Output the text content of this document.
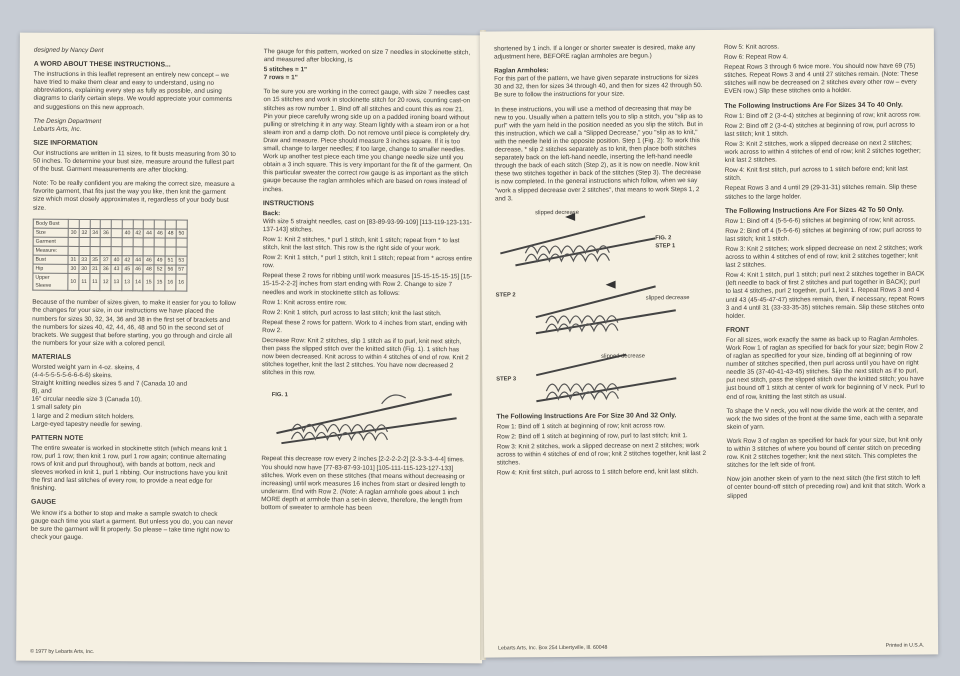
designed by Nancy Dent

A WORD ABOUT THESE INSTRUCTIONS...

The instructions in this leaflet represent an entirely new concept – we have tried to make them clear and easy to understand, using no abbreviations, explaining every step as fully as possible, and using diagrams to clarify certain steps. We would appreciate your comments and suggestions on this new approach.

The Design Department

Lebarts Arts, Inc.

SIZE INFORMATION

Our instructions are written in 11 sizes, to fit busts measuring from 30 to 50 inches. To determine your bust size, measure around the fullest part of the bust. Garment measurements are after blocking.

Note: To be really confident you are making the correct size, measure a favorite garment, that fits just the way you like, then knit the garment size which most closely approximates it, regardless of your body bust size.

Body Bust											
Size	30	32	34	36		40	42	44	46	48	50
Garment											
Measure:											
Bust	31	33	35	37	40	42	44	46	49	51	53
Hip	30	30	31	36	43	45	46	48	52	56	57
Upper Sleeve	10	11	11	12	13	13	14	15	15	16	16

Because of the number of sizes given, to make it easier for you to follow the changes for your size, in our instructions we have placed the numbers for sizes 30, 32, 34, 36 and 38 in the first set of brackets and the numbers for sizes 40, 42, 44, 46, 48 and 50 in the second set of brackets. We suggest that before starting, you go through and circle all the numbers for your size with a colored pencil.

MATERIALS
Worsted weight yarn in 4-oz. skeins, 4
(4-4-5-5-5-5-6-6-6-6) skeins.
Straight knitting needles sizes 5 and 7 (Canada 10 and
8), and
16" circular needle size 3 (Canada 10).
1 small safety pin
1 large and 2 medium stitch holders.
Large-eyed tapestry needle for sewing.
PATTERN NOTE

The entire sweater is worked in stockinette stitch (which means knit 1 row, purl 1 row; then knit 1 row, purl 1 row again; continue alternating rows of knit and purl throughout), with bands at bottom, neck and sleeves worked in knit 1, purl 1 ribbing. Our instructions have you knit the first and last stitches of every row, to provide a neat edge for finishing.

GAUGE

We know it's a bother to stop and make a sample swatch to check gauge each time you start a garment. But unless you do, you can never be sure the garment will fit properly. So please – take time right now to check your gauge.

© 1977 by Lebarts Arts, Inc.

The gauge for this pattern, worked on size 7 needles in stockinette stitch, and measured after blocking, is

5 stitches = 1"

7 rows = 1"

To be sure you are working in the correct gauge, with size 7 needles cast on 15 stitches and work in stockinette stitch for 20 rows, counting cast-on stitches as row number 1. Bind off all stitches and count this as row 21. Pin your piece carefully wrong side up on a padded ironing board without pulling or stretching it in any way. Steam lightly with a steam iron or a hot steam iron and a damp cloth. Do not remove until piece is completely dry. Draw and measure. Piece should measure 3 inches square. If it is too small, change to larger needles; if too large, change to smaller needles. Work up another test piece each time you change needle size until you obtain a 3 inch square. This is very important for the fit of the garment. On this particular sweater the correct row gauge is as important as the stitch gauge because the raglan armholes which are based on rows instead of inches.

INSTRUCTIONS
Back:

With size 5 straight needles, cast on [83-89-93-99-109] [113-119-123-131-137-143] stitches.

Row 1: Knit 2 stitches, * purl 1 stitch, knit 1 stitch; repeat from * to last stitch, knit the last stitch. This row is the right side of your work.

Row 2: Knit 1 stitch, * purl 1 stitch, knit 1 stitch; repeat from * across entire row.

Repeat these 2 rows for ribbing until work measures [15-15-15-15-15] [15-15-15-2-2-2] inches from start ending with Row 2. Change to size 7 needles and work in stockinette stitch as follows:

Row 1: Knit across entire row.

Row 2: Knit 1 stitch, purl across to last stitch; knit the last stitch.

Repeat these 2 rows for pattern. Work to 4 inches from start, ending with Row 2.

Decrease Row: Knit 2 stitches, slip 1 stitch as if to purl, knit next stitch, then pass the slipped stitch over the knitted stitch (Fig. 1). 1 stitch has now been decreased. Knit across to within 4 stitches of end of row. Knit 2 stitches together, knit the last 2 stitches. You have now decreased 2 stitches in this row.

FIG. 1

Repeat this decrease row every 2 inches [2-2-2-2-2] [2-3-3-3-4-4] times. You should now have [77-83-87-93-101] [105-111-115-123-127-133] stitches. Work even on these stitches (that means without decreasing or increasing) until work measures 16 inches from start or desired length to underarm. End with Row 2. (Note: A raglan armhole goes about 1 inch MORE depth at armhole than a set-in sleeve, therefore, the length from bottom of sweater to armhole has been

shortened by 1 inch. If a longer or shorter sweater is desired, make any adjustment here, BEFORE raglan armholes are begun.)

Raglan Armholes:

For this part of the pattern, we have given separate instructions for sizes 30 and 32, then for sizes 34 through 40, and then for sizes 42 through 50. Be sure to follow the instructions for your size.

In these instructions, you will use a method of decreasing that may be new to you. Usually when a pattern tells you to slip a stitch, you "slip as to purl" with the yarn held in the position needed as you slip the stitch. But in this instruction, which we call a "Slipped Decrease," you "slip as to knit," with the needle held in the opposite position. Step 1 (Fig. 2): To work this decrease, * slip 2 stitches separately as to knit, then place both stitches separately back on the left-hand needle, inserting the left-hand needle through the back of each stitch (Step 2), as it is now on needle. Now knit these two stitches together in back of the stitches (Step 3). The decrease is now completed. In the general instructions which follow, when we say "work a slipped decrease over 2 stitches", that means to work Steps 1, 2 and 3.

slipped decrease
FIG. 2
STEP 1
STEP 2	slipped decrease
STEP 3
slipped decrease
The Following Instructions Are For Size 30 And 32 Only.

Row 1: Bind off 1 stitch at beginning of row; knit across row.

Row 2: Bind off 1 stitch at beginning of row, purl to last stitch; knit 1.

Row 3: Knit 2 stitches, work a slipped decrease on next 2 stitches; work across to within 4 stitches of end of row; knit 2 stitches together, knit last 2 stitches.

Row 4: Knit first stitch, purl across to 1 stitch before end, knit last stitch.

Lebarts Arts, Inc. Box 254 Libertyville, Ill. 60048

Row 5: Knit across.

Row 6: Repeat Row 4.

Repeat Rows 3 through 6 twice more. You should now have 69 (75) stitches. Repeat Rows 3 and 4 until 27 stitches remain. (Note: These stitches will now be decreased on 2 stitches every other row – every EVEN row.) Slip these stitches onto a holder.

The Following Instructions Are For Sizes 34 To 40 Only.

Row 1: Bind off 2 (3-4-4) stitches at beginning of row; knit across row.

Row 2: Bind off 2 (3-4-4) stitches at beginning of row, purl across to last stitch; knit 1 stitch.

Row 3: Knit 2 stitches, work a slipped decrease on next 2 stitches; work across to within 4 stitches of end of row; knit 2 stitches together; knit last 2 stitches.

Row 4: Knit first stitch, purl across to 1 stitch before end; knit last stitch.

Repeat Rows 3 and 4 until 29 (29-31-31) stitches remain. Slip these stitches to the large holder.

The Following Instructions Are For Sizes 42 To 50 Only.

Row 1: Bind off 4 (5-5-6-6) stitches at beginning of row; knit across.

Row 2: Bind off 4 (5-5-6-6) stitches at beginning of row; purl across to last stitch; knit 1 stitch.

Row 3: Knit 2 stitches; work slipped decrease on next 2 stitches; work across to within 4 stitches of end of row; knit 2 stitches together; knit last 2 stitches.

Row 4: Knit 1 stitch, purl 1 stitch; purl next 2 stitches together in BACK (left needle to back of first 2 stitches and purl together in BACK); purl to last 4 stitches, purl 2 together, purl 1, knit 1. Repeat Rows 3 and 4 until 43 (45-45-47-47) stitches remain, then, if necessary, repeat Rows 3 and 4 until 31 (33-33-35-35) stitches remain. Slip these stitches onto holder.

FRONT

For all sizes, work exactly the same as back up to Raglan Armholes. Work Row 1 of raglan as specified for back for your size; begin Row 2 of raglan as specified for your size, binding off at beginning of row number of stitches specified, then purl across until you have on right needle 35 (37-40-41-43-45) stitches. Slip the next stitch as if to purl, put next stitch, pass the slipped stitch over the knitted stitch; you have just bound off 1 stitch at center of work for beginning of V neck. Purl to end of row, knitting the last stitch as usual.

To shape the V neck, you will now divide the work at the center, and work the two sides of the front at the same time, each with a separate skein of yarn.

Work Row 3 of raglan as specified for back for your size, but knit only to within 3 stitches of where you bound off center stitch on preceding row. Knit 2 stitches together; knit the next stitch. This completes the stitches for the left side of front.

Now join another skein of yarn to the next stitch (the first stitch to left of center bound-off stitch of preceding row) and knit that stitch. Work a slipped

Printed in U.S.A.
